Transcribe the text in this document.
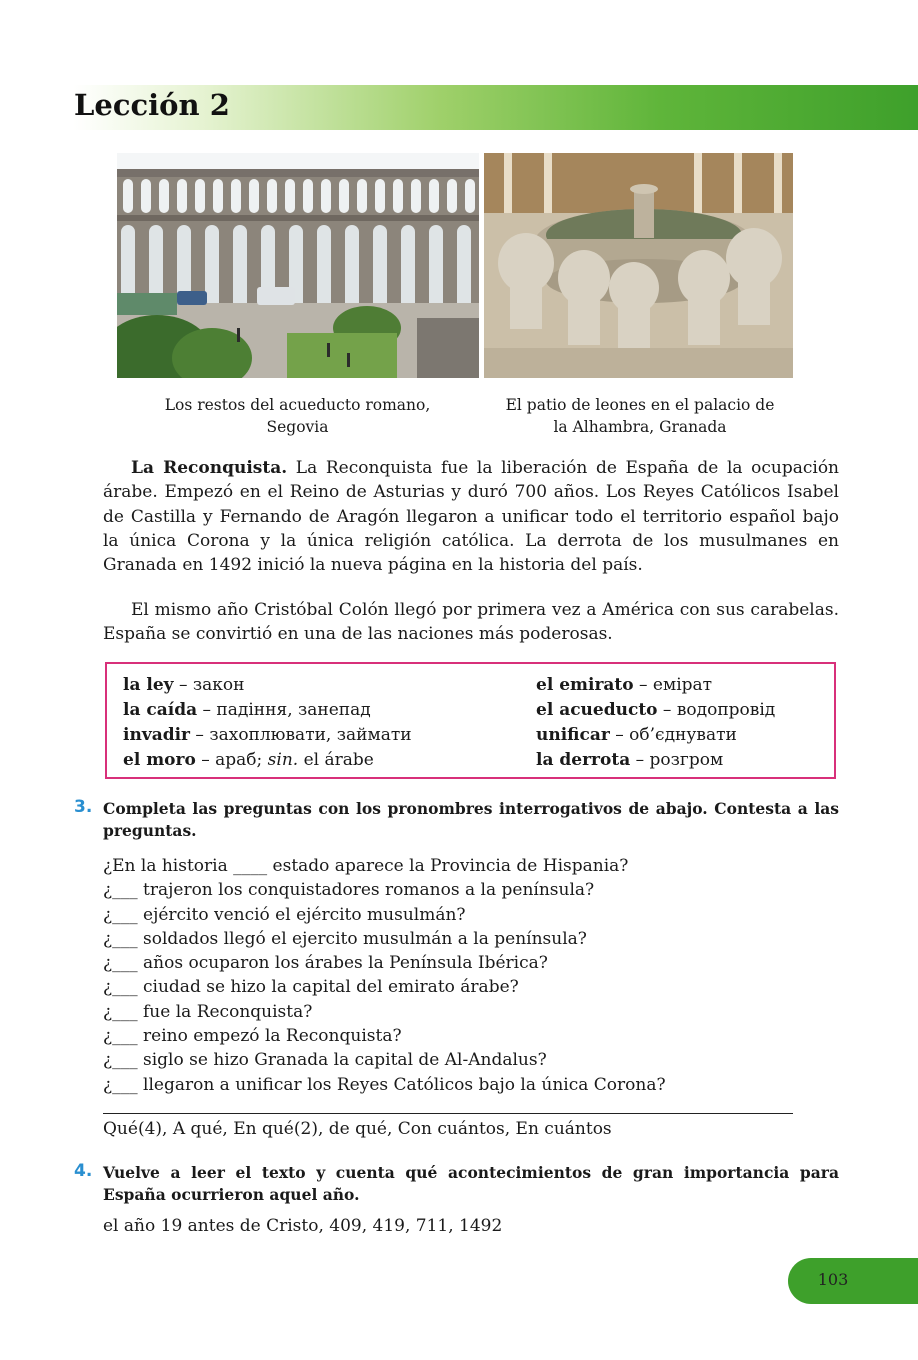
Lección 2
Los restos del acueducto romano,
Segovia
El patio de leones en el palacio de
la Alhambra, Granada

La Reconquista. La Reconquista fue la liberación de España de la ocupación árabe. Empezó en el Reino de Asturias y duró 700 años. Los Reyes Católicos Isabel de Castilla y Fernando de Aragón llegaron a unificar todo el territorio español bajo la única Corona y la única religión católica. La derrota de los musulmanes en Granada en 1492 inició la nueva página en la historia del país.

El mismo año Cristóbal Colón llegó por primera vez a América con sus carabelas. España se convirtió en una de las naciones más poderosas.

la ley – закон
la caída – падіння, занепад
invadir – захоплювати, займати
el moro – араб; sin. el árabe
el emirato – емірат
el acueducto – водопровід
unificar – об’єднувати
la derrota – розгром
3. Completa las preguntas con los pronombres interrogativos de abajo. Contesta a las preguntas.

¿En la historia ____ estado aparece la Provincia de Hispania?
¿___ trajeron los conquistadores romanos a la península?
¿___ ejército venció el ejército musulmán?
¿___ soldados llegó el ejercito musulmán a la península?
¿___ años ocuparon los árabes la Península Ibérica?
¿___ ciudad se hizo la capital del emirato árabe?
¿___ fue la Reconquista?
¿___ reino empezó la Reconquista?
¿___ siglo se hizo Granada la capital de Al-Andalus?
¿___ llegaron a unificar los Reyes Católicos bajo la única Corona?
Qué(4), A qué, En qué(2), de qué, Con cuántos, En cuántos
4. Vuelve a leer el texto y cuenta qué acontecimientos de gran importancia para España ocurrieron aquel año.

el año 19 antes de Cristo, 409, 419, 711, 1492
103
